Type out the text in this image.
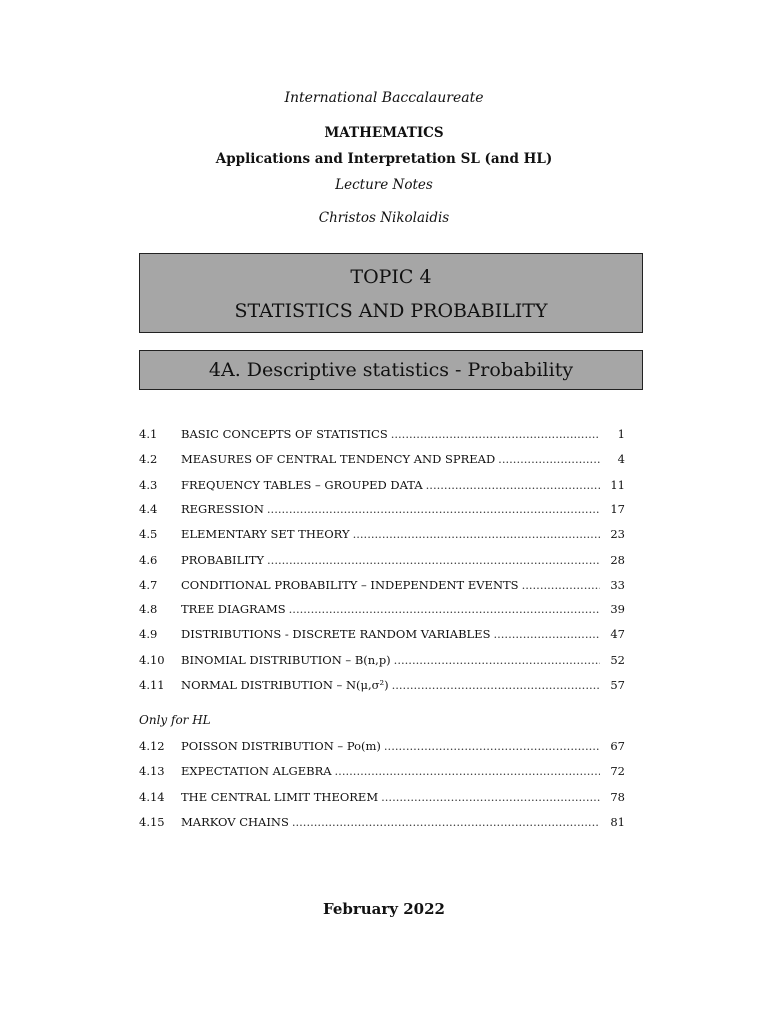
International Baccalaureate
MATHEMATICS
Applications and Interpretation SL (and HL)
Lecture Notes
Christos Nikolaidis
TOPIC 4
STATISTICS AND PROBABILITY
4A. Descriptive statistics - Probability
4.1	BASIC CONCEPTS OF STATISTICS .....	1
4.2	MEASURES OF CENTRAL TENDENCY AND SPREAD .....	4
4.3	FREQUENCY TABLES – GROUPED DATA .....	11
4.4	REGRESSION .....	17
4.5	ELEMENTARY SET THEORY .....	23
4.6	PROBABILITY .....	28
4.7	CONDITIONAL PROBABILITY – INDEPENDENT EVENTS .....	33
4.8	TREE DIAGRAMS .....	39
4.9	DISTRIBUTIONS - DISCRETE RANDOM VARIABLES .....	47
4.10	BINOMIAL DISTRIBUTION – B(n,p) .....	52
4.11	NORMAL DISTRIBUTION – N(μ,σ²) .....	57
Only for HL
4.12	POISSON DISTRIBUTION – Po(m) .....	67
4.13	EXPECTATION ALGEBRA .....	72
4.14	THE CENTRAL LIMIT THEOREM .....	78
4.15	MARKOV CHAINS .....	81
February 2022
